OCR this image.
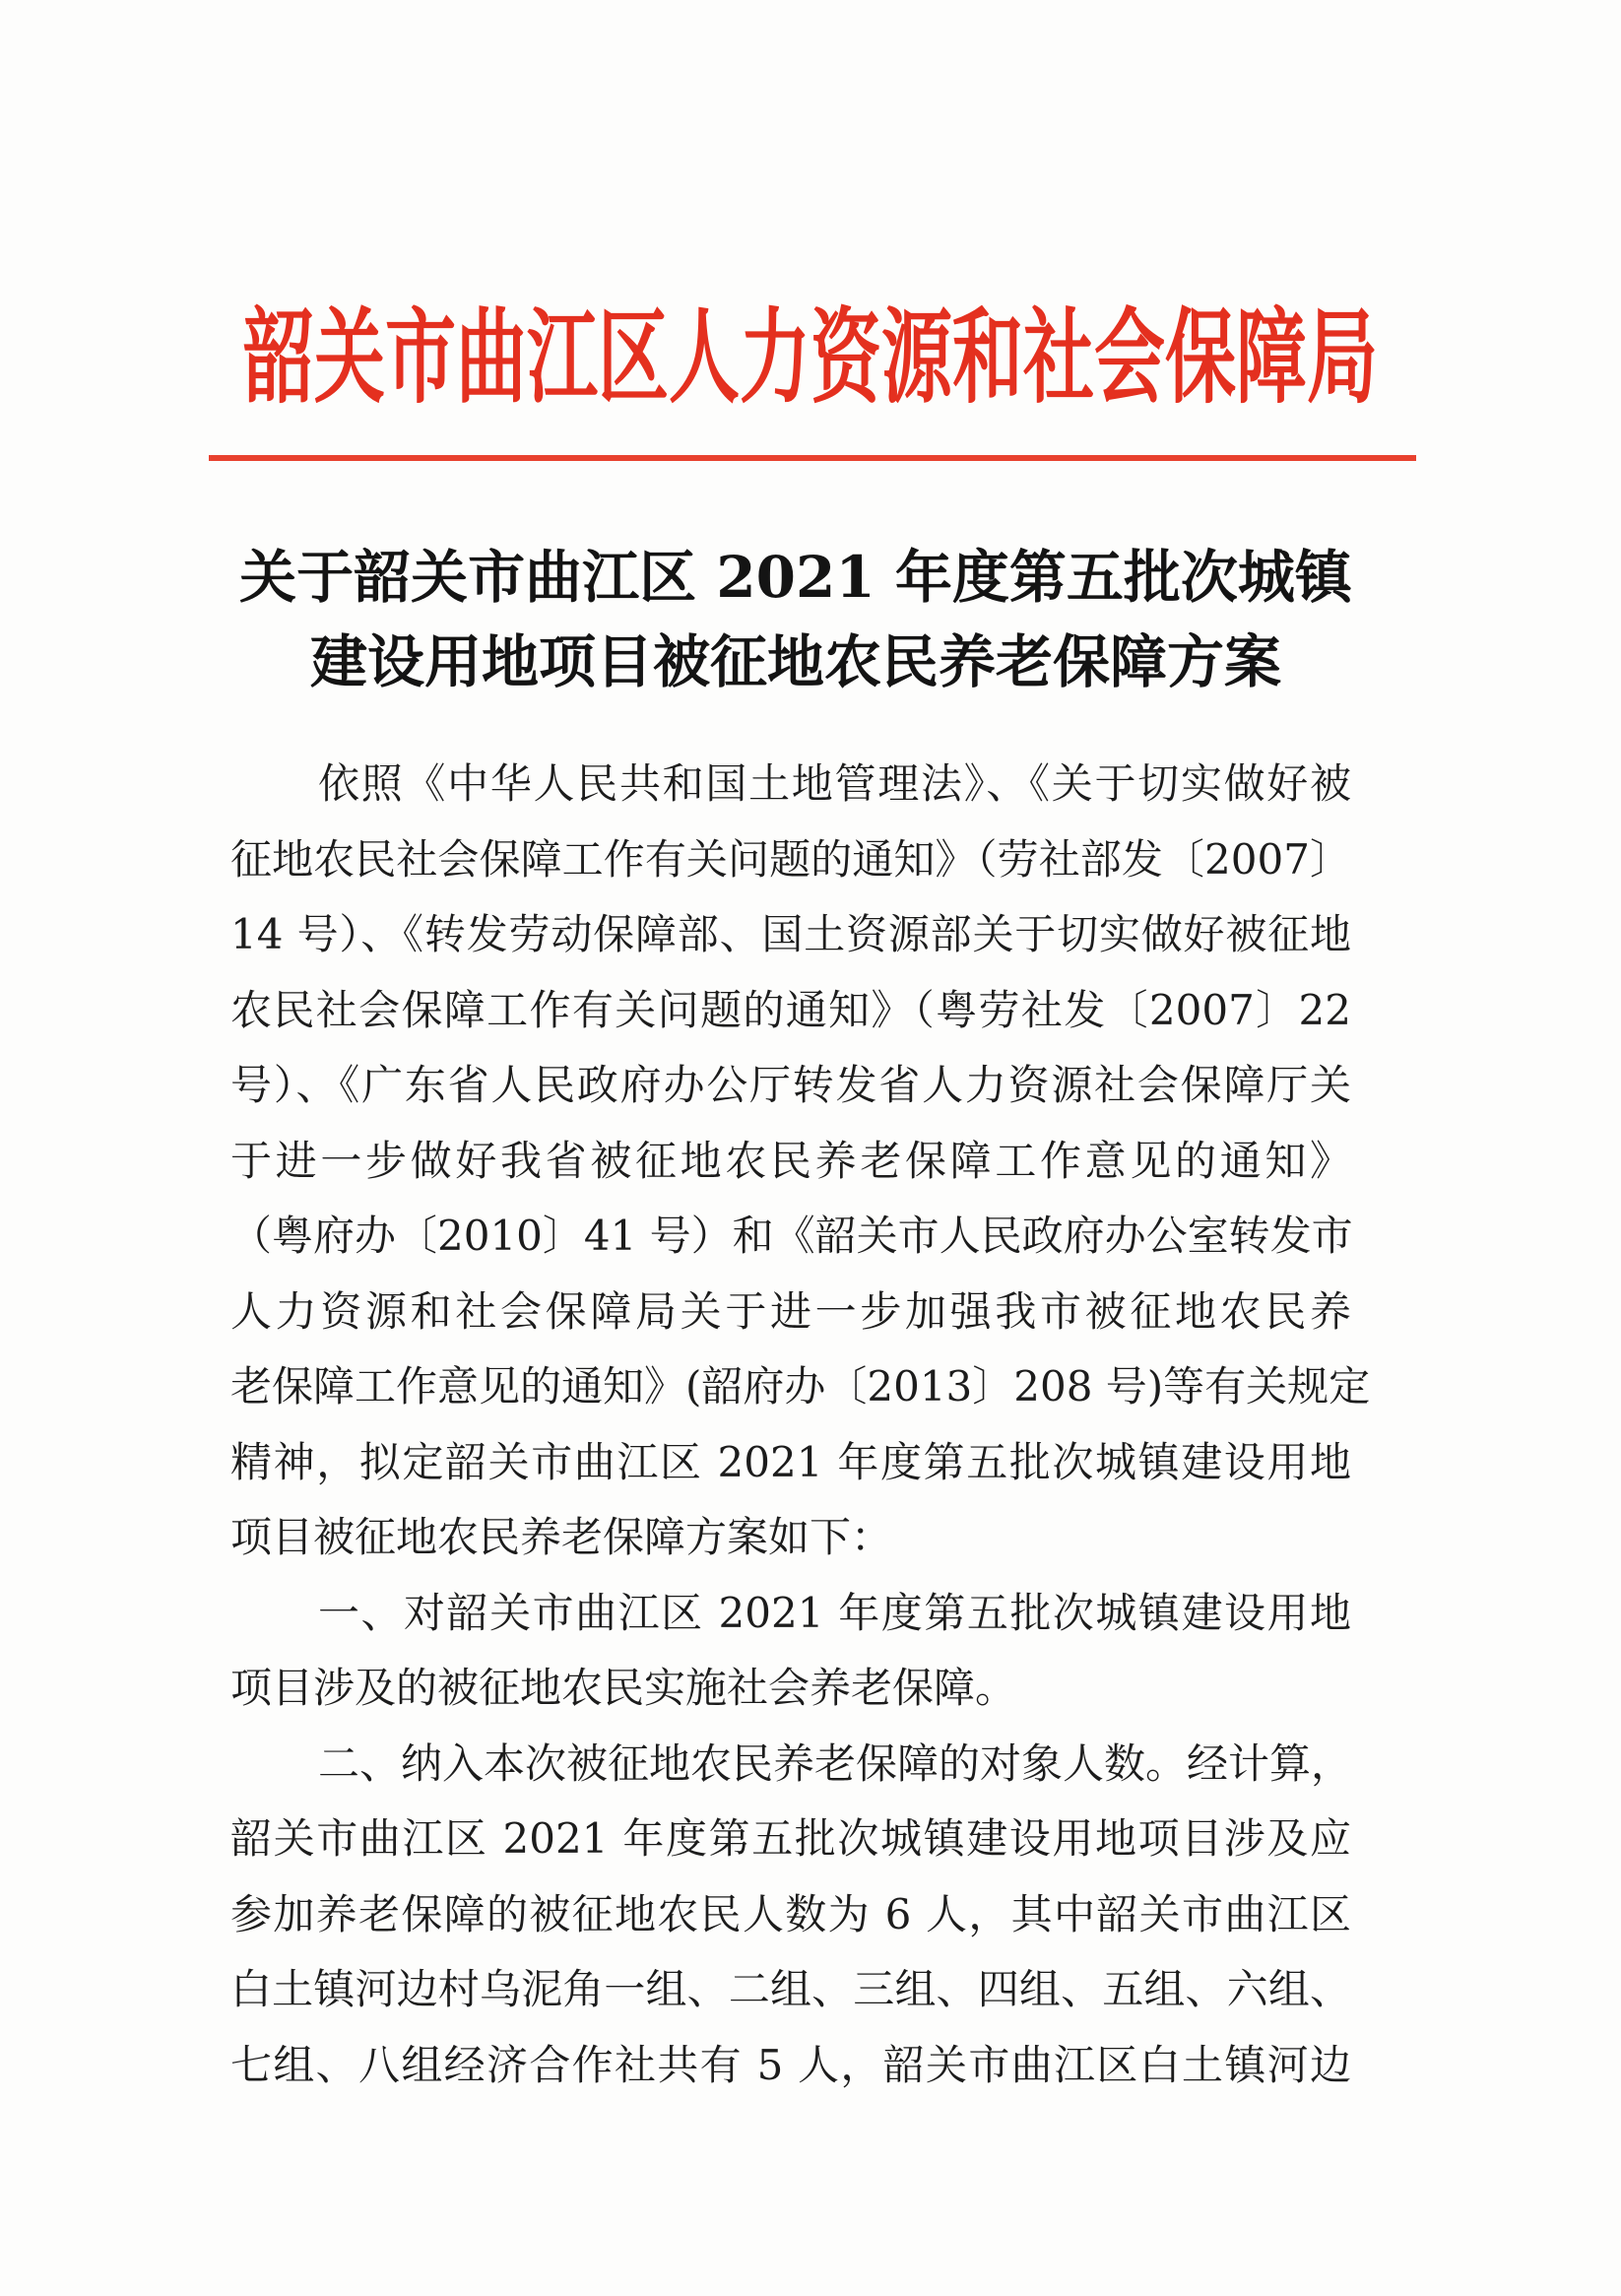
韶关市曲江区人力资源和社会保障局
关于韶关市曲江区 2021 年度第五批次城镇
建设用地项目被征地农民养老保障方案
依照《中华人民共和国土地管理法》、《关于切实做好被
征地农民社会保障工作有关问题的通知》（劳社部发〔2007〕
14 号）、《转发劳动保障部、国土资源部关于切实做好被征地
农民社会保障工作有关问题的通知》（粤劳社发〔2007〕22
号）、《广东省人民政府办公厅转发省人力资源社会保障厅关
于进一步做好我省被征地农民养老保障工作意见的通知》
（粤府办〔2010〕41 号）和《韶关市人民政府办公室转发市
人力资源和社会保障局关于进一步加强我市被征地农民养
老保障工作意见的通知》(韶府办〔2013〕208 号)等有关规定
精神，拟定韶关市曲江区 2021 年度第五批次城镇建设用地
项目被征地农民养老保障方案如下：
一、对韶关市曲江区 2021 年度第五批次城镇建设用地
项目涉及的被征地农民实施社会养老保障。
二、纳入本次被征地农民养老保障的对象人数。经计算，
韶关市曲江区 2021 年度第五批次城镇建设用地项目涉及应
参加养老保障的被征地农民人数为 6 人，其中韶关市曲江区
白土镇河边村乌泥角一组、二组、三组、四组、五组、六组、
七组、八组经济合作社共有 5 人，韶关市曲江区白土镇河边
